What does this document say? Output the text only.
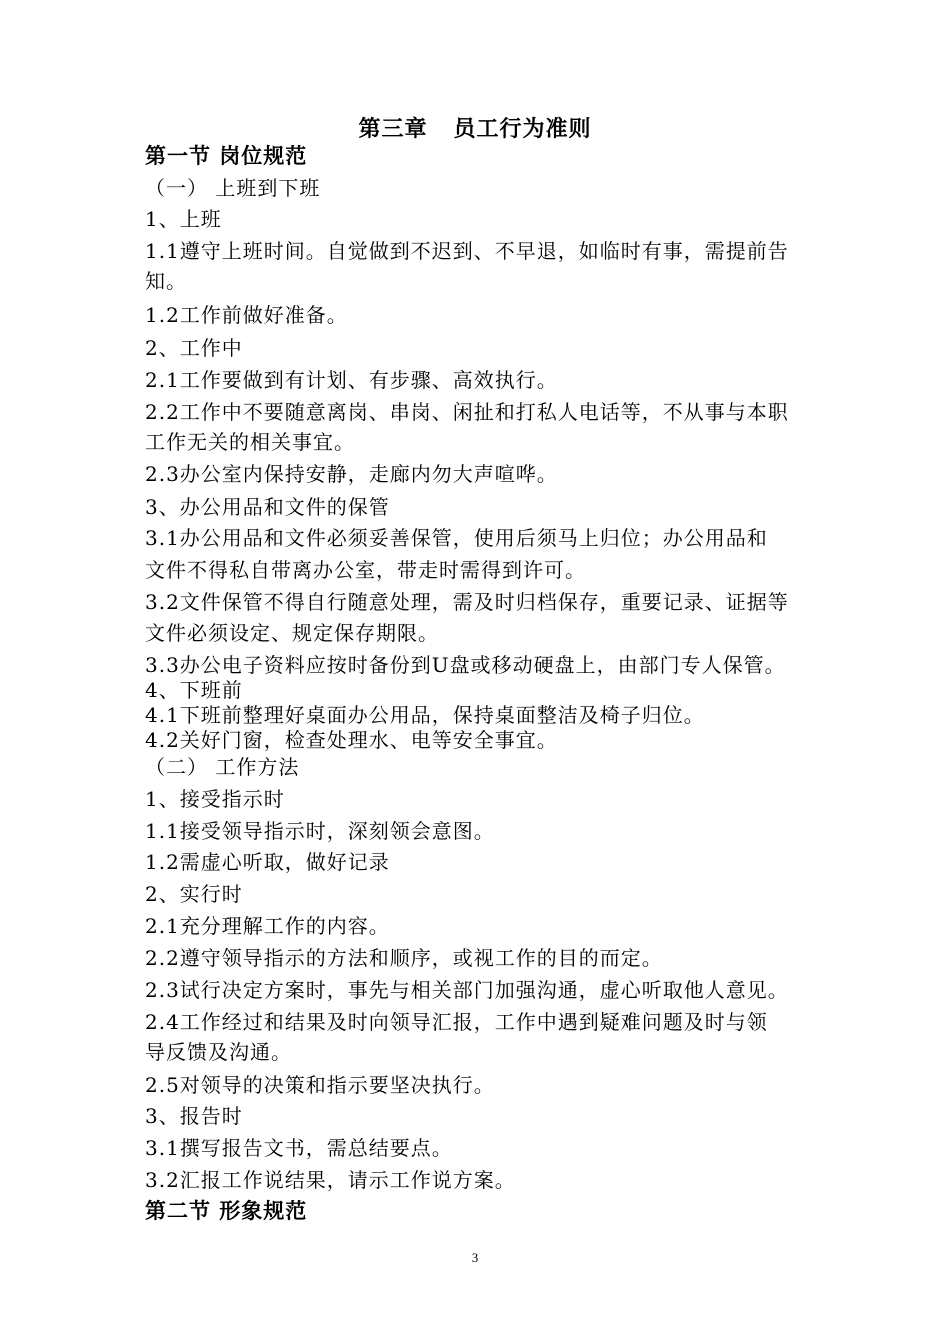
第三章   员工行为准则
第一节 岗位规范
（一） 上班到下班
1、上班
1.1遵守上班时间。自觉做到不迟到、不早退，如临时有事，需提前告
知。
1.2工作前做好准备。
2、工作中
2.1工作要做到有计划、有步骤、高效执行。
2.2工作中不要随意离岗、串岗、闲扯和打私人电话等，不从事与本职
工作无关的相关事宜。
2.3办公室内保持安静，走廊内勿大声喧哗。
3、办公用品和文件的保管
3.1办公用品和文件必须妥善保管，使用后须马上归位；办公用品和
文件不得私自带离办公室，带走时需得到许可。
3.2文件保管不得自行随意处理，需及时归档保存，重要记录、证据等
文件必须设定、规定保存期限。
3.3办公电子资料应按时备份到U盘或移动硬盘上，由部门专人保管。
4、下班前
4.1下班前整理好桌面办公用品，保持桌面整洁及椅子归位。
4.2关好门窗，检查处理水、电等安全事宜。
（二） 工作方法
1、接受指示时
1.1接受领导指示时，深刻领会意图。
1.2需虚心听取，做好记录
2、实行时
2.1充分理解工作的内容。
2.2遵守领导指示的方法和顺序，或视工作的目的而定。
2.3试行决定方案时，事先与相关部门加强沟通，虚心听取他人意见。
2.4工作经过和结果及时向领导汇报，工作中遇到疑难问题及时与领
导反馈及沟通。
2.5对领导的决策和指示要坚决执行。
3、报告时
3.1撰写报告文书，需总结要点。
3.2汇报工作说结果，请示工作说方案。
第二节 形象规范
3
